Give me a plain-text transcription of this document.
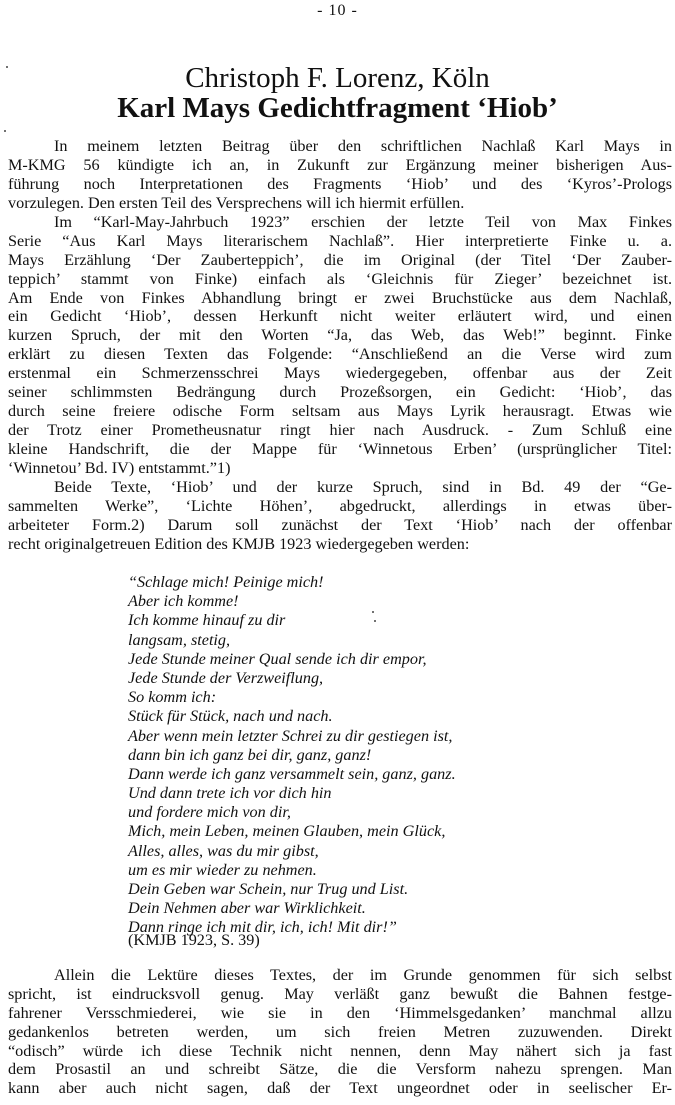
- 10 -
Christoph F. Lorenz, Köln
Karl Mays Gedichtfragment ‘Hiob’
In meinem letzten Beitrag über den schriftlichen Nachlaß Karl Mays in
M-KMG 56 kündigte ich an, in Zukunft zur Ergänzung meiner bisherigen Aus-
führung noch Interpretationen des Fragments ‘Hiob’ und des ‘Kyros’-Prologs
vorzulegen. Den ersten Teil des Versprechens will ich hiermit erfüllen.
Im “Karl-May-Jahrbuch 1923” erschien der letzte Teil von Max Finkes
Serie “Aus Karl Mays literarischem Nachlaß”. Hier interpretierte Finke u. a.
Mays Erzählung ‘Der Zauberteppich’, die im Original (der Titel ‘Der Zauber-
teppich’ stammt von Finke) einfach als ‘Gleichnis für Zieger’ bezeichnet ist.
Am Ende von Finkes Abhandlung bringt er zwei Bruchstücke aus dem Nachlaß,
ein Gedicht ‘Hiob’, dessen Herkunft nicht weiter erläutert wird, und einen
kurzen Spruch, der mit den Worten “Ja, das Web, das Web!” beginnt. Finke
erklärt zu diesen Texten das Folgende: “Anschließend an die Verse wird zum
erstenmal ein Schmerzensschrei Mays wiedergegeben, offenbar aus der Zeit
seiner schlimmsten Bedrängung durch Prozeßsorgen, ein Gedicht: ‘Hiob’, das
durch seine freiere odische Form seltsam aus Mays Lyrik herausragt. Etwas wie
der Trotz einer Prometheusnatur ringt hier nach Ausdruck. - Zum Schluß eine
kleine Handschrift, die der Mappe für ‘Winnetous Erben’ (ursprünglicher Titel:
‘Winnetou’ Bd. IV) entstammt.”1)
Beide Texte, ‘Hiob’ und der kurze Spruch, sind in Bd. 49 der “Ge-
sammelten Werke”, ‘Lichte Höhen’, abgedruckt, allerdings in etwas über-
arbeiteter Form.2) Darum soll zunächst der Text ‘Hiob’ nach der offenbar
recht originalgetreuen Edition des KMJB 1923 wiedergegeben werden:
“Schlage mich! Peinige mich!
Aber ich komme!
Ich komme hinauf zu dir
langsam, stetig,
Jede Stunde meiner Qual sende ich dir empor,
Jede Stunde der Verzweiflung,
So komm ich:
Stück für Stück, nach und nach.
Aber wenn mein letzter Schrei zu dir gestiegen ist,
dann bin ich ganz bei dir, ganz, ganz!
Dann werde ich ganz versammelt sein, ganz, ganz.
Und dann trete ich vor dich hin
und fordere mich von dir,
Mich, mein Leben, meinen Glauben, mein Glück,
Alles, alles, was du mir gibst,
um es mir wieder zu nehmen.
Dein Geben war Schein, nur Trug und List.
Dein Nehmen aber war Wirklichkeit.
Dann ringe ich mit dir, ich, ich! Mit dir!”
(KMJB 1923, S. 39)
Allein die Lektüre dieses Textes, der im Grunde genommen für sich selbst
spricht, ist eindrucksvoll genug. May verläßt ganz bewußt die Bahnen festge-
fahrener Versschmiederei, wie sie in den ‘Himmelsgedanken’ manchmal allzu
gedankenlos betreten werden, um sich freien Metren zuzuwenden. Direkt
“odisch” würde ich diese Technik nicht nennen, denn May nähert sich ja fast
dem Prosastil an und schreibt Sätze, die die Versform nahezu sprengen. Man
kann aber auch nicht sagen, daß der Text ungeordnet oder in seelischer Er-
